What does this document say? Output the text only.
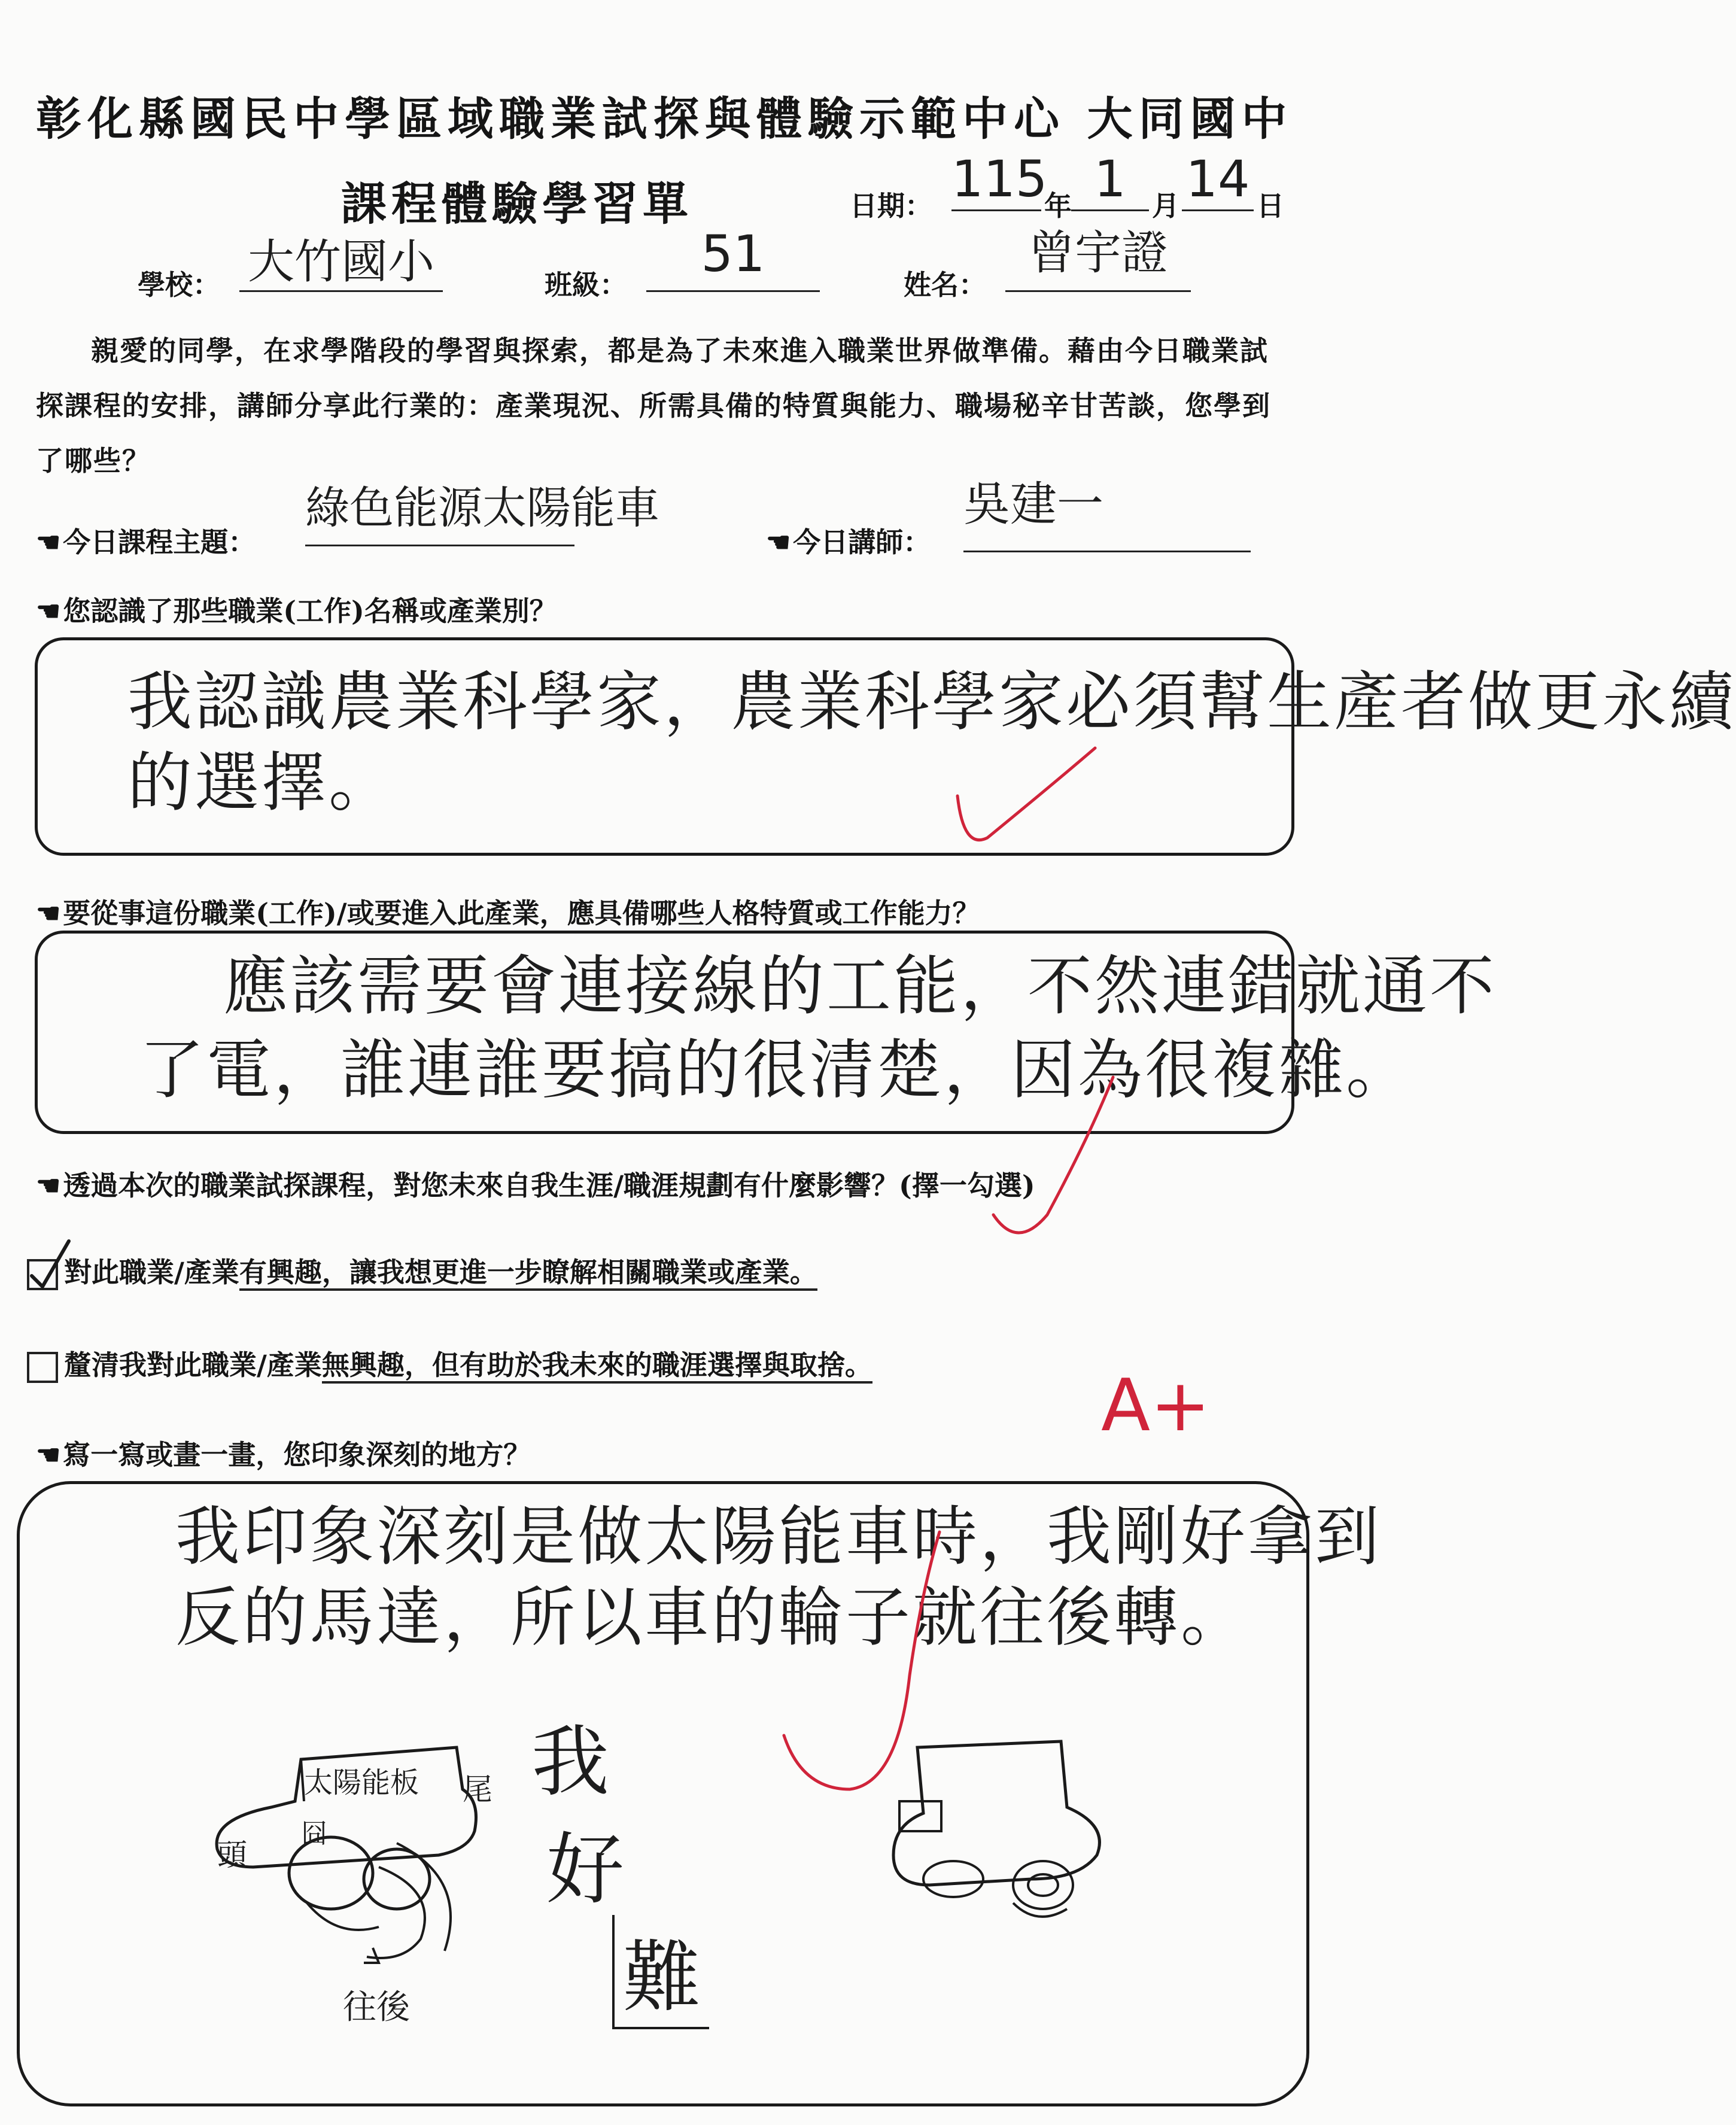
彰化縣國民中學區域職業試探與體驗示範中心 大同國中
課程體驗學習單	日期： 115
年 1 月 14 日
學校： 大竹國小	班級：
51
姓名：
曾宇證
親愛的同學，在求學階段的學習與探索，都是為了未來進入職業世界做準備。藉由今日職業試探課程的安排，講師分享此行業的：產業現況、所需具備的特質與能力、職場秘辛甘苦談，您學到了哪些？
☚今日課程主題：
綠色能源太陽能車
☚今日講師：
吳建一
☚您認識了那些職業(工作)名稱或產業別？
我認識農業科學家，農業科學家必須幫生產者做更永續
的選擇。
☚要從事這份職業(工作)/或要進入此產業，應具備哪些人格特質或工作能力？
應該需要會連接線的工能，不然連錯就通不
了電，誰連誰要搞的很清楚，因為很複雜。
☚透過本次的職業試探課程，對您未來自我生涯/職涯規劃有什麼影響？(擇一勾選)
對此職業/產業有興趣，讓我想更進一步瞭解相關職業或產業。
釐清我對此職業/產業無興趣，但有助於我未來的職涯選擇與取捨。
☚寫一寫或畫一畫，您印象深刻的地方？
我印象深刻是做太陽能車時，我剛好拿到
反的馬達，所以車的輪子就往後轉。
太陽能板
頭
尾
囧
往後
我
好
難
A+
